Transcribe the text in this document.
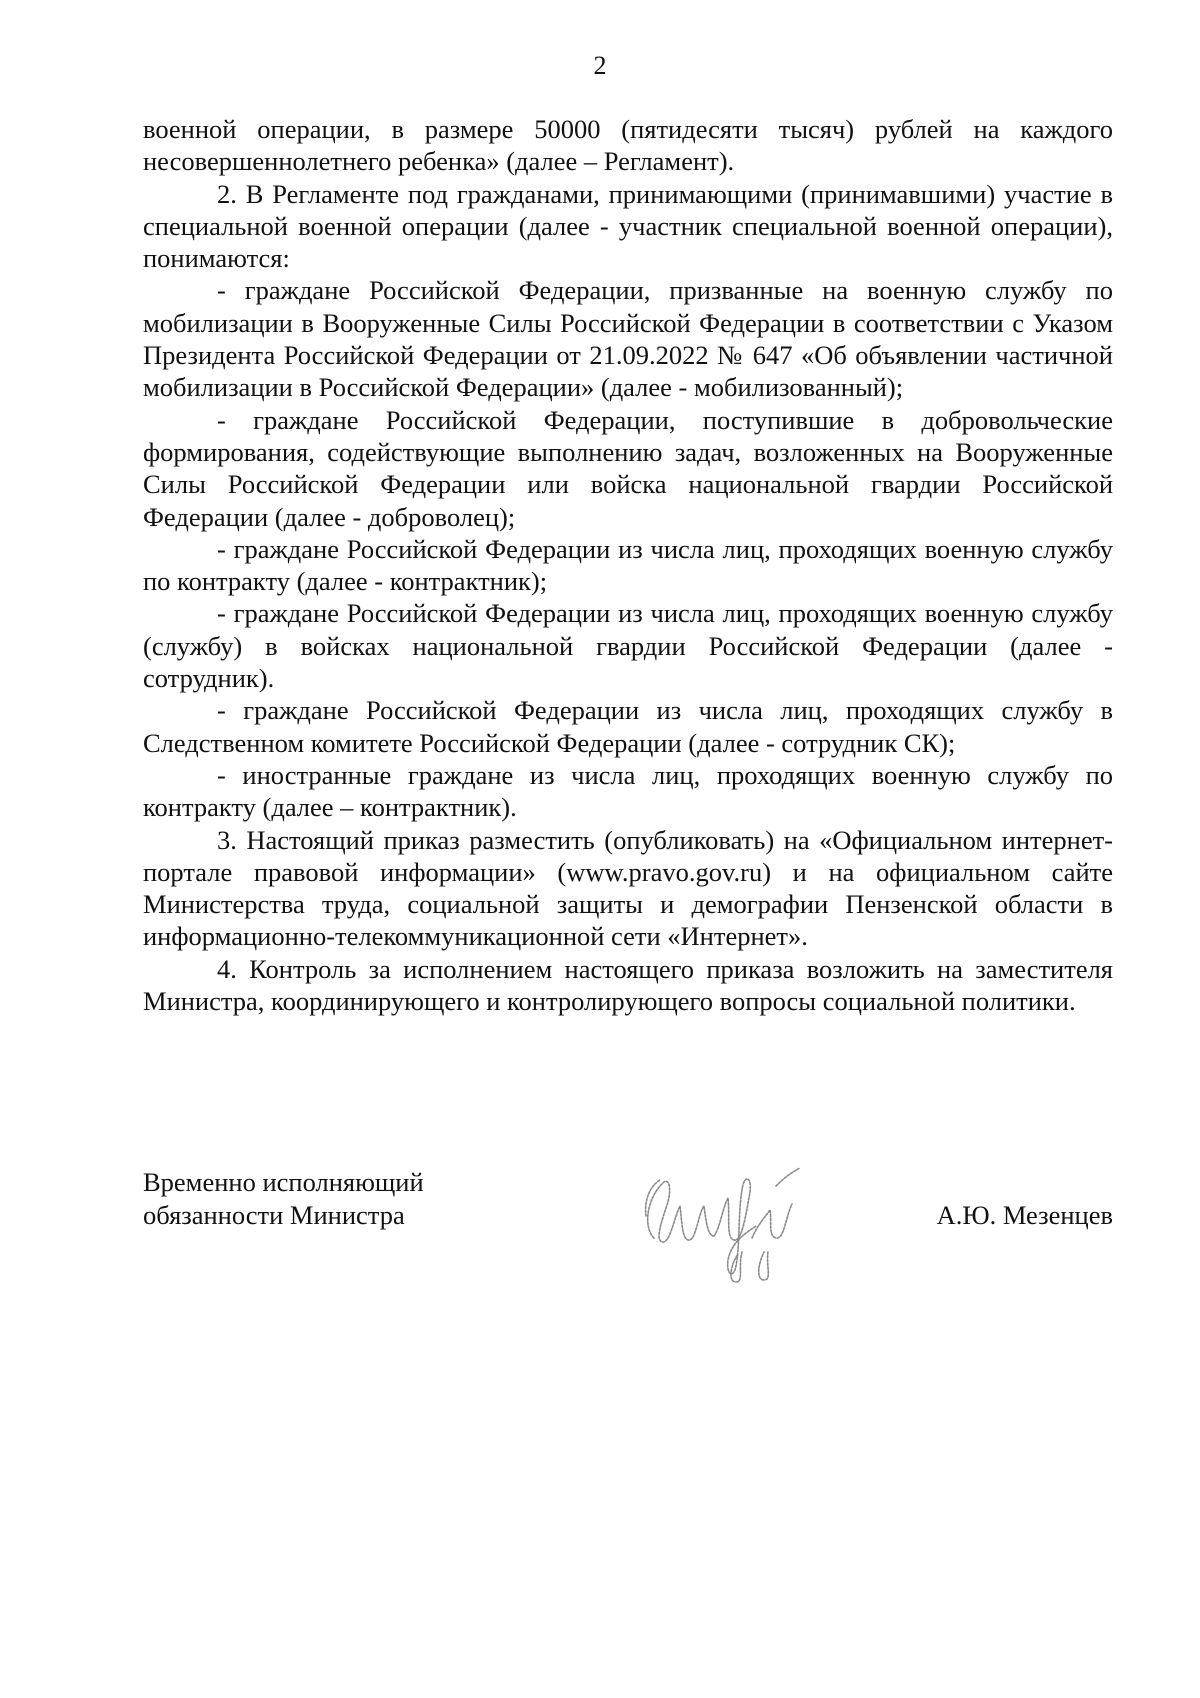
2

военной операции, в размере 50000 (пятидесяти тысяч) рублей на каждого несовершеннолетнего ребенка» (далее – Регламент).

2. В Регламенте под гражданами, принимающими (принимавшими) участие в специальной военной операции (далее - участник специальной военной операции), понимаются:

- граждане Российской Федерации, призванные на военную службу по мобилизации в Вооруженные Силы Российской Федерации в соответствии с Указом Президента Российской Федерации от 21.09.2022 № 647 «Об объявлении частичной мобилизации в Российской Федерации» (далее - мобилизованный);

- граждане Российской Федерации, поступившие в добровольческие формирования, содействующие выполнению задач, возложенных на Вооруженные Силы Российской Федерации или войска национальной гвардии Российской Федерации (далее - доброволец);

- граждане Российской Федерации из числа лиц, проходящих военную службу по контракту (далее - контрактник);

- граждане Российской Федерации из числа лиц, проходящих военную службу (службу) в войсках национальной гвардии Российской Федерации (далее - сотрудник).

- граждане Российской Федерации из числа лиц, проходящих службу в Следственном комитете Российской Федерации (далее - сотрудник СК);

- иностранные граждане из числа лиц, проходящих военную службу по контракту (далее – контрактник).

3. Настоящий приказ разместить (опубликовать) на «Официальном интернет-портале правовой информации» (www.pravo.gov.ru) и на официальном сайте Министерства труда, социальной защиты и демографии Пензенской области в информационно-телекоммуникационной сети «Интернет».

4. Контроль за исполнением настоящего приказа возложить на заместителя Министра, координирующего и контролирующего вопросы социальной политики.

Временно исполняющий
обязанности Министра	А.Ю. Мезенцев
